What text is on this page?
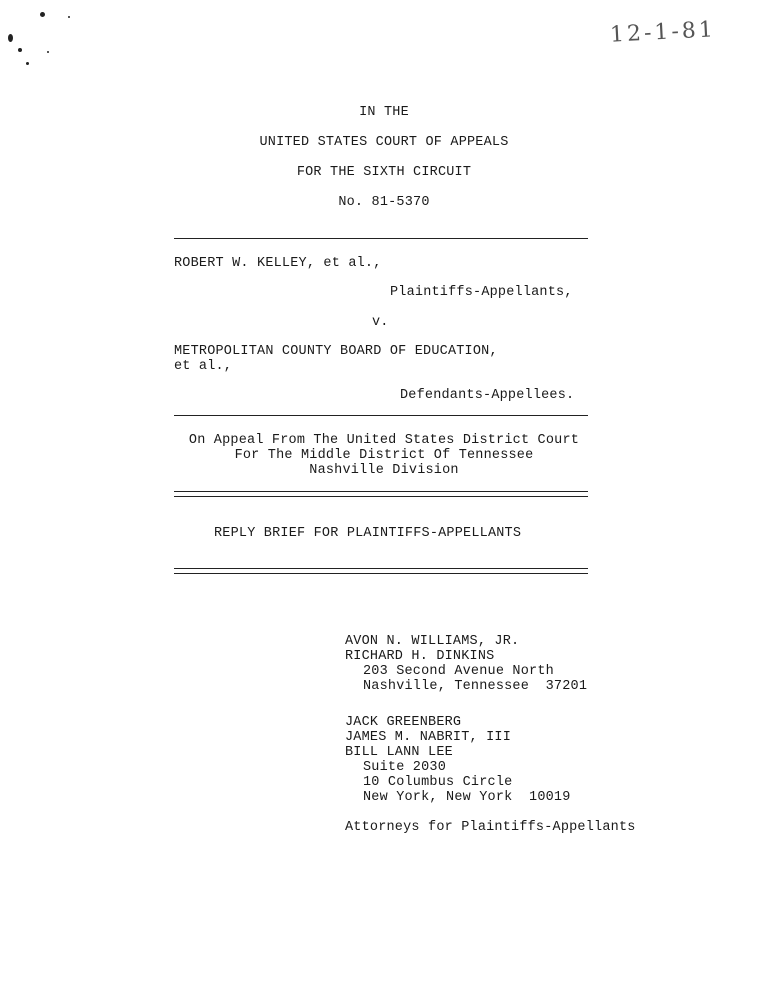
12-1-81
IN THE
UNITED STATES COURT OF APPEALS
FOR THE SIXTH CIRCUIT
No. 81-5370
ROBERT W. KELLEY, et al.,
Plaintiffs-Appellants,
v.
METROPOLITAN COUNTY BOARD OF EDUCATION,
et al.,
Defendants-Appellees.
On Appeal From The United States District Court
For The Middle District Of Tennessee
Nashville Division
REPLY BRIEF FOR PLAINTIFFS-APPELLANTS
AVON N. WILLIAMS, JR.
RICHARD H. DINKINS
203 Second Avenue North
Nashville, Tennessee  37201
JACK GREENBERG
JAMES M. NABRIT, III
BILL LANN LEE
Suite 2030
10 Columbus Circle
New York, New York  10019
Attorneys for Plaintiffs-Appellants
